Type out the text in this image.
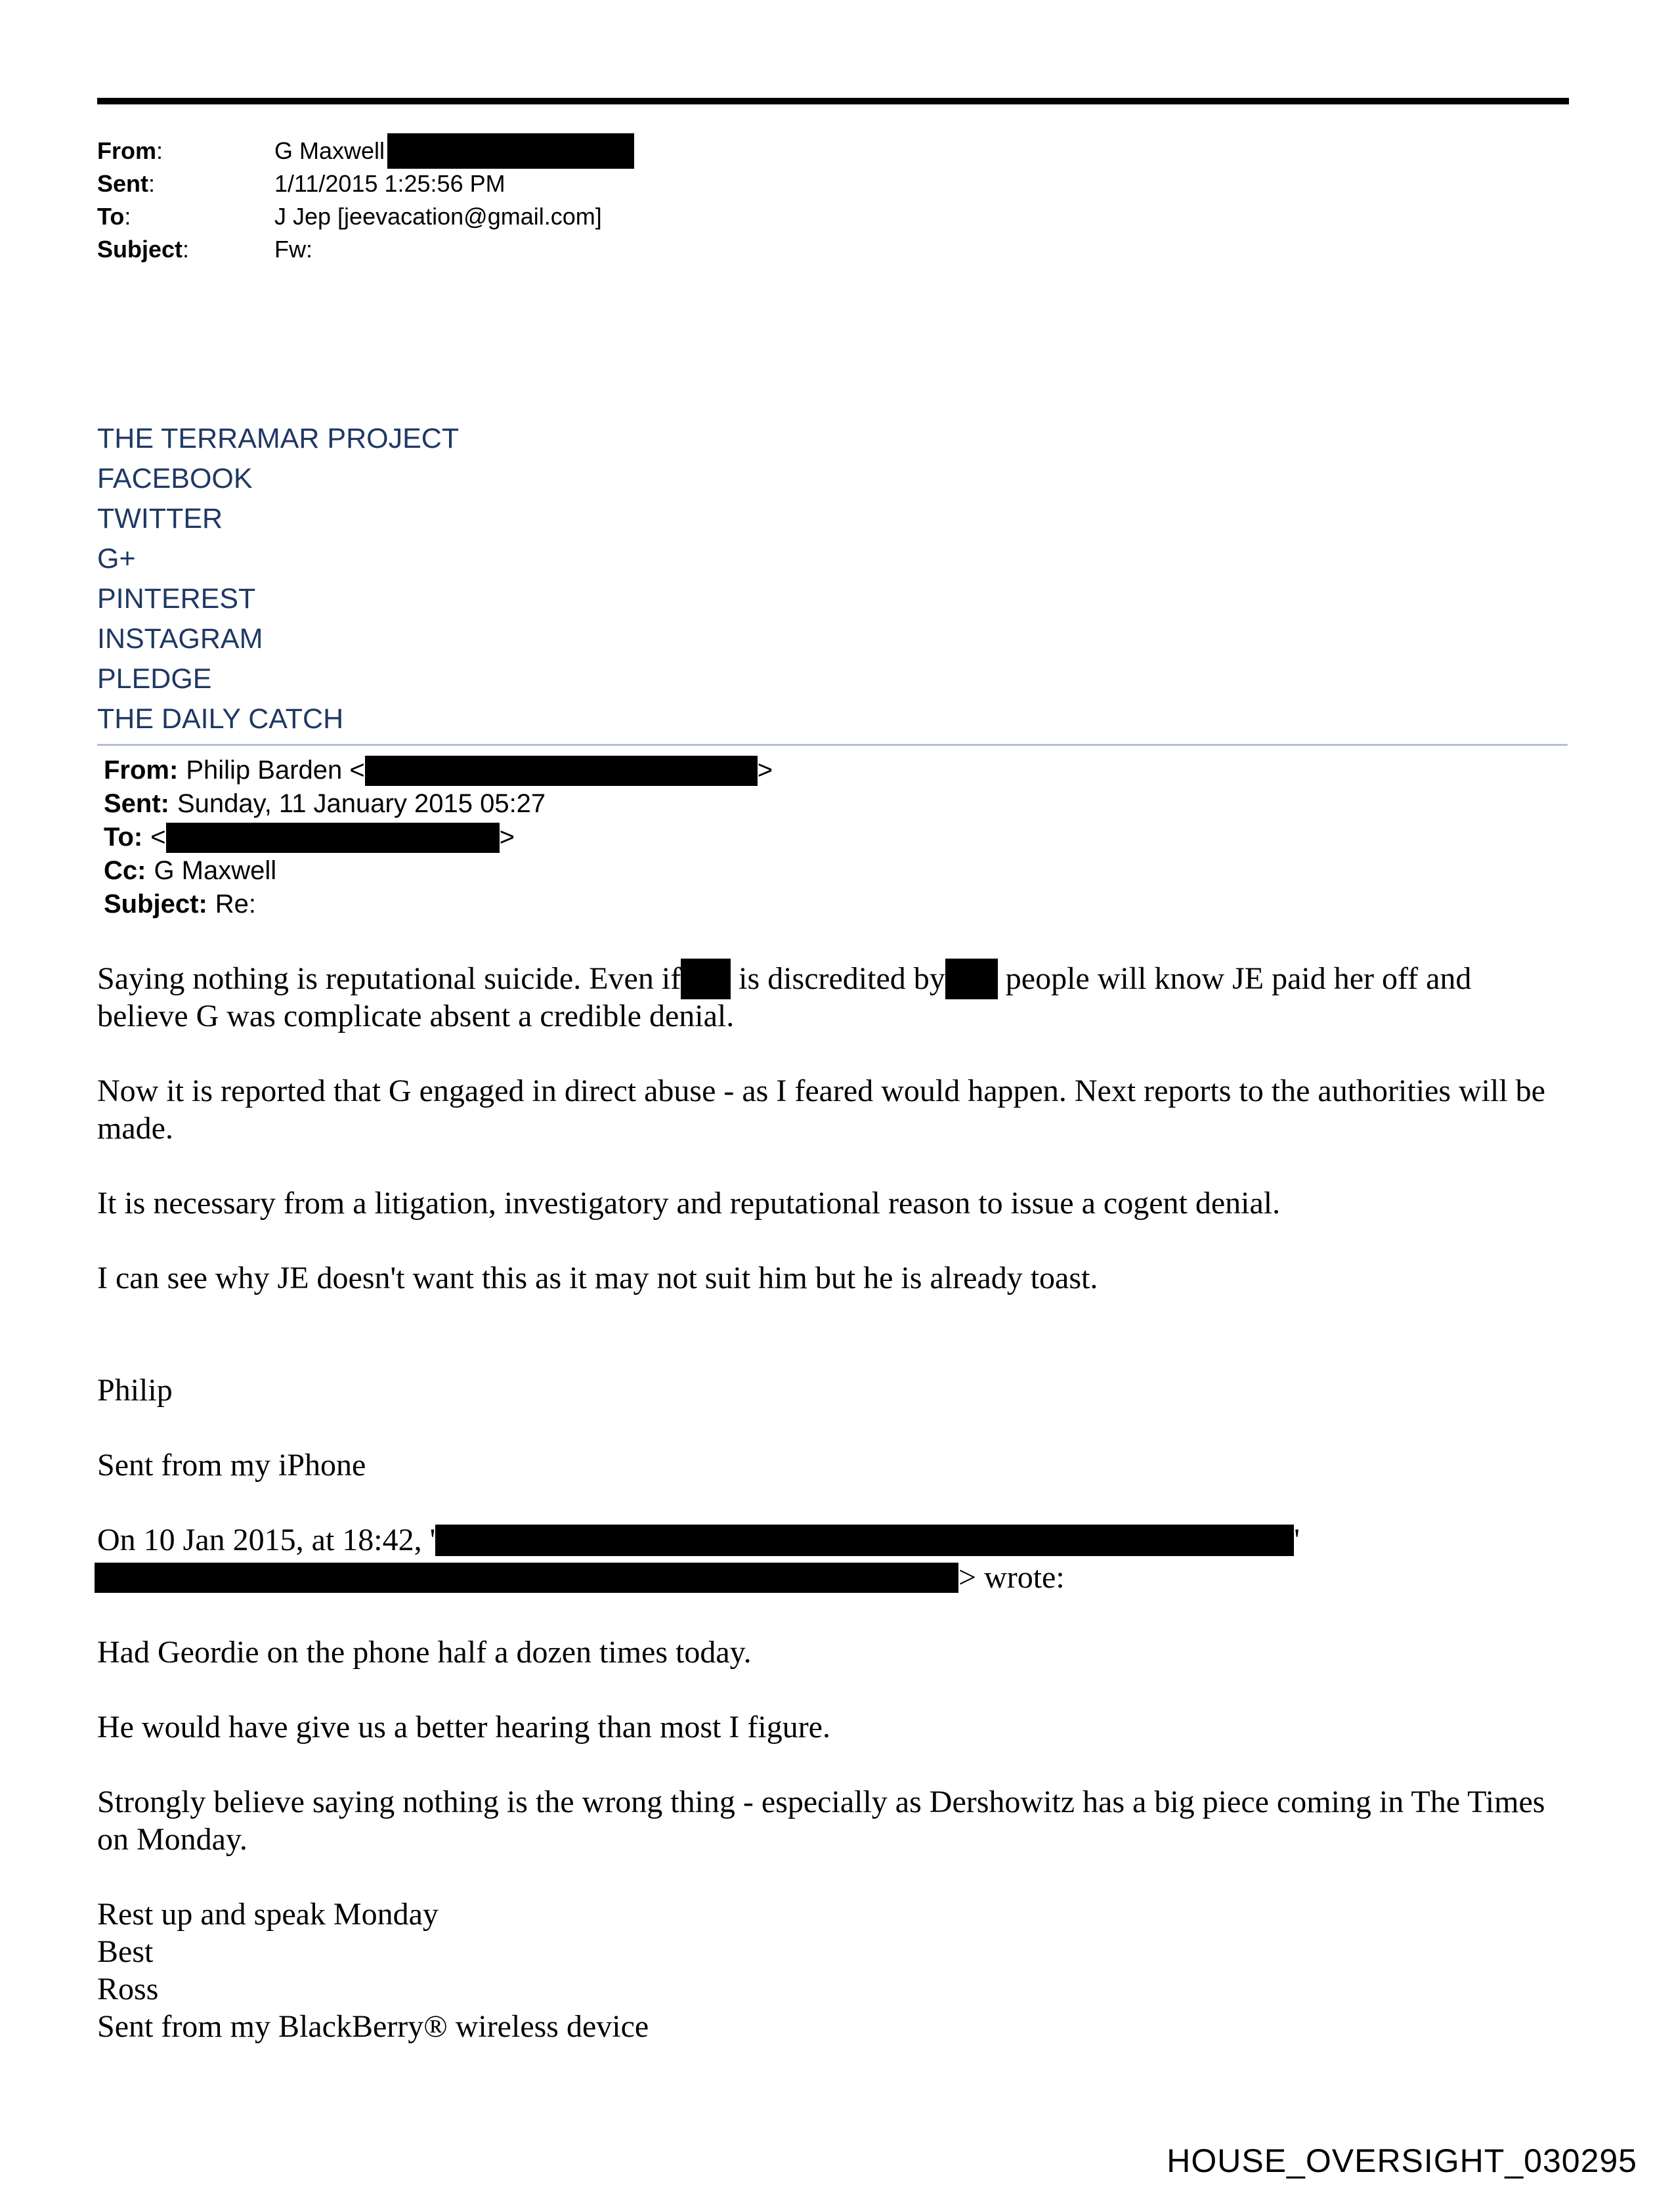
From:	G Maxwell
Sent:	1/11/2015 1:25:56 PM
To:	J Jep [jeevacation@gmail.com]
Subject:	Fw:
THE TERRAMAR PROJECT
FACEBOOK
TWITTER
G+
PINTEREST
INSTAGRAM
PLEDGE
THE DAILY CATCH
From: Philip Barden <	>
Sent: Sunday, 11 January 2015 05:27
To: <	>
Cc: G Maxwell
Subject: Re:

Saying nothing is reputational suicide. Even if is discredited by people will know JE paid her off and

believe G was complicate absent a credible denial.

Now it is reported that G engaged in direct abuse - as I feared would happen. Next reports to the authorities will be made.

It is necessary from a litigation, investigatory and reputational reason to issue a cogent denial.

I can see why JE doesn't want this as it may not suit him but he is already toast.

Philip

Sent from my iPhone

On 10 Jan 2015, at 18:42, '	'

> wrote:

Had Geordie on the phone half a dozen times today.

He would have give us a better hearing than most I figure.

Strongly believe saying nothing is the wrong thing - especially as Dershowitz has a big piece coming in The Times on Monday.

Rest up and speak Monday

Best

Ross

Sent from my BlackBerry® wireless device

HOUSE_OVERSIGHT_030295
